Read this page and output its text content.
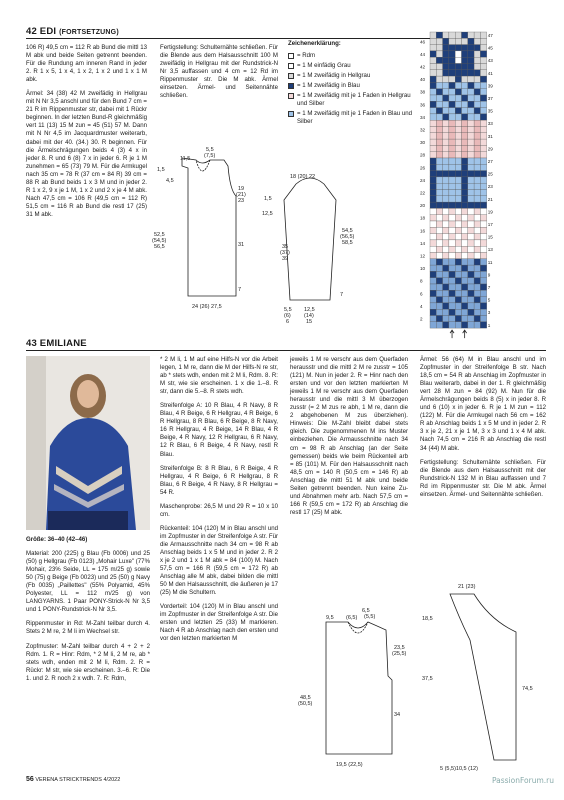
42 EDI (FORTSETZUNG)

106 R) 49,5 cm = 112 R ab Bund die mittl 13 M abk und beide Seiten getrennt beenden. Für die Rundung am inneren Rand in jeder 2. R 1 x 5, 1 x 4, 1 x 2, 1 x 2 und 1 x 1 M abk.

Ärmel: 34 (38) 42 M zweifädig in Hellgrau mit N Nr 3,5 anschl und für den Bund 7 cm = 21 R im Rippenmuster str, dabei mit 1 Rückr beginnen. In der letzten Bund-R gleichmäßig vert 11 (13) 15 M zun = 45 (51) 57 M. Dann mit N Nr 4,5 im Jacquardmuster weiterarb, dabei mit der 40. (34.) 30. R beginnen. Für die Ärmelschrägungen beids 4 (3) 4 x in jeder 8. R und 6 (8) 7 x in jeder 6. R je 1 M zunehmen = 65 (73) 79 M. Für die Armkugel nach 35 cm = 78 R (37 cm = 84 R) 39 cm = 88 R ab Bund beids 1 x 3 M und in jeder 2. R 1 x 2, 9 x je 1 M, 1 x 2 und 2 x je 4 M abk. Nach 47,5 cm = 106 R (49,5 cm = 112 R) 51,5 cm = 116 R ab Bund die restl 17 (25) 31 M abk.

Fertigstellung: Schulternähte schließen. Für die Blende aus dem Halsausschnitt 100 M zweifädig in Hellgrau mit der Rundstrick-N Nr 3,5 auffassen und 4 cm = 12 Rd im Rippenmuster str. Die M abk. Ärmel einsetzen. Ärmel- und Seitennähte schließen.

Zeichenerklärung:
= Rdm
= 1 M einfädig Grau
= 1 M zweifädig in Hellgrau
= 1 M zweifädig in Blau
= 1 M zweifädig mit je 1 Faden in Hellgrau und Silber
= 1 M zweifädig mit je 1 Faden in Blau und Silber
47
46
45
44
43
42
41
40
39
38
37
36
35
34
33
32
31
30
29
28
27
26
25
24
23
22
21
20
19
18
17
16
15
14
13
12
11
10
9
8
7
6
5
4
3
2
1
5,5
(7,5)
11,5
1,5
4,5
19
(21)
23
52,5
(54,5)
56,5	31
7
24 (26) 27,5
18 (20) 22
1,5
12,5
35
(37)
39
54,5
(56,5)
58,5
7
5,5
(6)
6
12,5
(14)
15
43 EMILIANE

Größe: 36–40 (42–46)

Material: 200 (225) g Blau (Fb 0006) und 25 (50) g Hellgrau (Fb 0123) „Mohair Luxe" (77% Mohair, 23% Seide, LL = 175 m/25 g) sowie 50 (75) g Beige (Fb 0023) und 25 (50) g Navy (Fb 0035) „Paillettes" (55% Polyamid, 45% Polyester, LL = 112 m/25 g) von LANGYARNS. 1 Paar PONY-Strick-N Nr 3,5 und 1 PONY-Rundstrick-N Nr 3,5.

Rippenmuster in Rd: M-Zahl teilbar durch 4. Stets 2 M re, 2 M li im Wechsel str.

Zopfmuster: M-Zahl teilbar durch 4 + 2 + 2 Rdm. 1. R = Hinr: Rdm, * 2 M li, 2 M re, ab * stets wdh, enden mit 2 M li, Rdm. 2. R = Rückr: M str, wie sie erscheinen. 3.–6. R: Die 1. und 2. R noch 2 x wdh. 7. R: Rdm,

* 2 M li, 1 M auf eine Hilfs-N vor die Arbeit legen, 1 M re, dann die M der Hilfs-N re str, ab * stets wdh, enden mit 2 M li, Rdm. 8. R: M str, wie sie erscheinen. 1 x die 1.–8. R str, dann die 5.–8. R stets wdh.

Streifenfolge A: 10 R Blau, 4 R Navy, 8 R Blau, 4 R Beige, 6 R Hellgrau, 4 R Beige, 6 R Hellgrau, 8 R Blau, 6 R Beige, 8 R Navy, 16 R Hellgrau, 4 R Beige, 14 R Blau, 4 R Beige, 4 R Navy, 12 R Hellgrau, 6 R Navy, 12 R Blau, 6 R Beige, 4 R Navy, restl R Blau.

Streifenfolge B: 8 R Blau, 6 R Beige, 4 R Hellgrau, 4 R Beige, 6 R Hellgrau, 8 R Blau, 6 R Beige, 4 R Navy, 8 R Hellgrau = 54 R.

Maschenprobe: 26,5 M und 29 R = 10 x 10 cm.

Rückenteil: 104 (120) M in Blau anschl und im Zopfmuster in der Streifenfolge A str. Für die Armausschnitte nach 34 cm = 98 R ab Anschlag beids 1 x 5 M und in jeder 2. R 2 x je 2 und 1 x 1 M abk = 84 (100) M. Nach 57,5 cm = 166 R (59,5 cm = 172 R) ab Anschlag alle M abk, dabei bilden die mittl 50 M den Halsausschnitt, die äußeren je 17 (25) M die Schultern.

Vorderteil: 104 (120) M in Blau anschl und im Zopfmuster in der Streifenfolge A str. Die ersten und letzten 25 (33) M markieren. Nach 4 R ab Anschlag nach den ersten und vor den letzten markierten M

jeweils 1 M re verschr aus dem Querfaden herausstr und die mittl 2 M re zusstr = 105 (121) M. Nun in jeder 2. R = Hinr nach den ersten und vor den letzten markierten M jeweils 1 M re verschr aus dem Querfaden herausstr und die mittl 3 M überzogen zusstr (= 2 M zus re abh, 1 M re, dann die 2 abgehobenen M zus überziehen). Hinweis: Die M-Zahl bleibt dabei stets gleich. Die zugenommenen M ins Muster einbeziehen. Die Armausschnitte nach 34 cm = 98 R ab Anschlag (an der Seite gemessen) beids wie beim Rückenteil arb = 85 (101) M. Für den Halsausschnitt nach 48,5 cm = 140 R (50,5 cm = 146 R) ab Anschlag die mittl 51 M abk und beide Seiten getrennt beenden. Nun keine Zu- und Abnahmen mehr arb. Nach 57,5 cm = 166 R (59,5 cm = 172 R) ab Anschlag die restl 17 (25) M abk.

Ärmel: 56 (64) M in Blau anschl und im Zopfmuster in der Streifenfolge B str. Nach 18,5 cm = 54 R ab Anschlag im Zopfmuster in Blau weiterarb, dabei in der 1. R gleichmäßig vert 28 M zun = 84 (92) M. Nun für die Ärmelschrägungen beids 8 (5) x in jeder 8. R und 6 (10) x in jeder 6. R je 1 M zun = 112 (122) M. Für die Armkugel nach 56 cm = 162 R ab Anschlag beids 1 x 5 M und in jeder 2. R 3 x je 2, 21 x je 1 M, 3 x 3 und 1 x 4 M abk. Nach 74,5 cm = 216 R ab Anschlag die restl 34 (44) M abk.

Fertigstellung: Schulternähte schließen. Für die Blende aus dem Halsausschnitt mit der Rundstrick-N 132 M in Blau auffassen und 7 Rd im Rippenmuster str. Die M abk. Ärmel einsetzen. Ärmel- und Seitennähte schließen.

6,5
(5,5)
9,5 (6,5)
23,5
(25,5)
48,5
(50,5)
34
19,5 (22,5)
21 (23)
18,5
37,5
74,5
5 (5,5)10,5 (12)
56 VERENA STRICKTRENDS 4/2022	PassionForum.ru
